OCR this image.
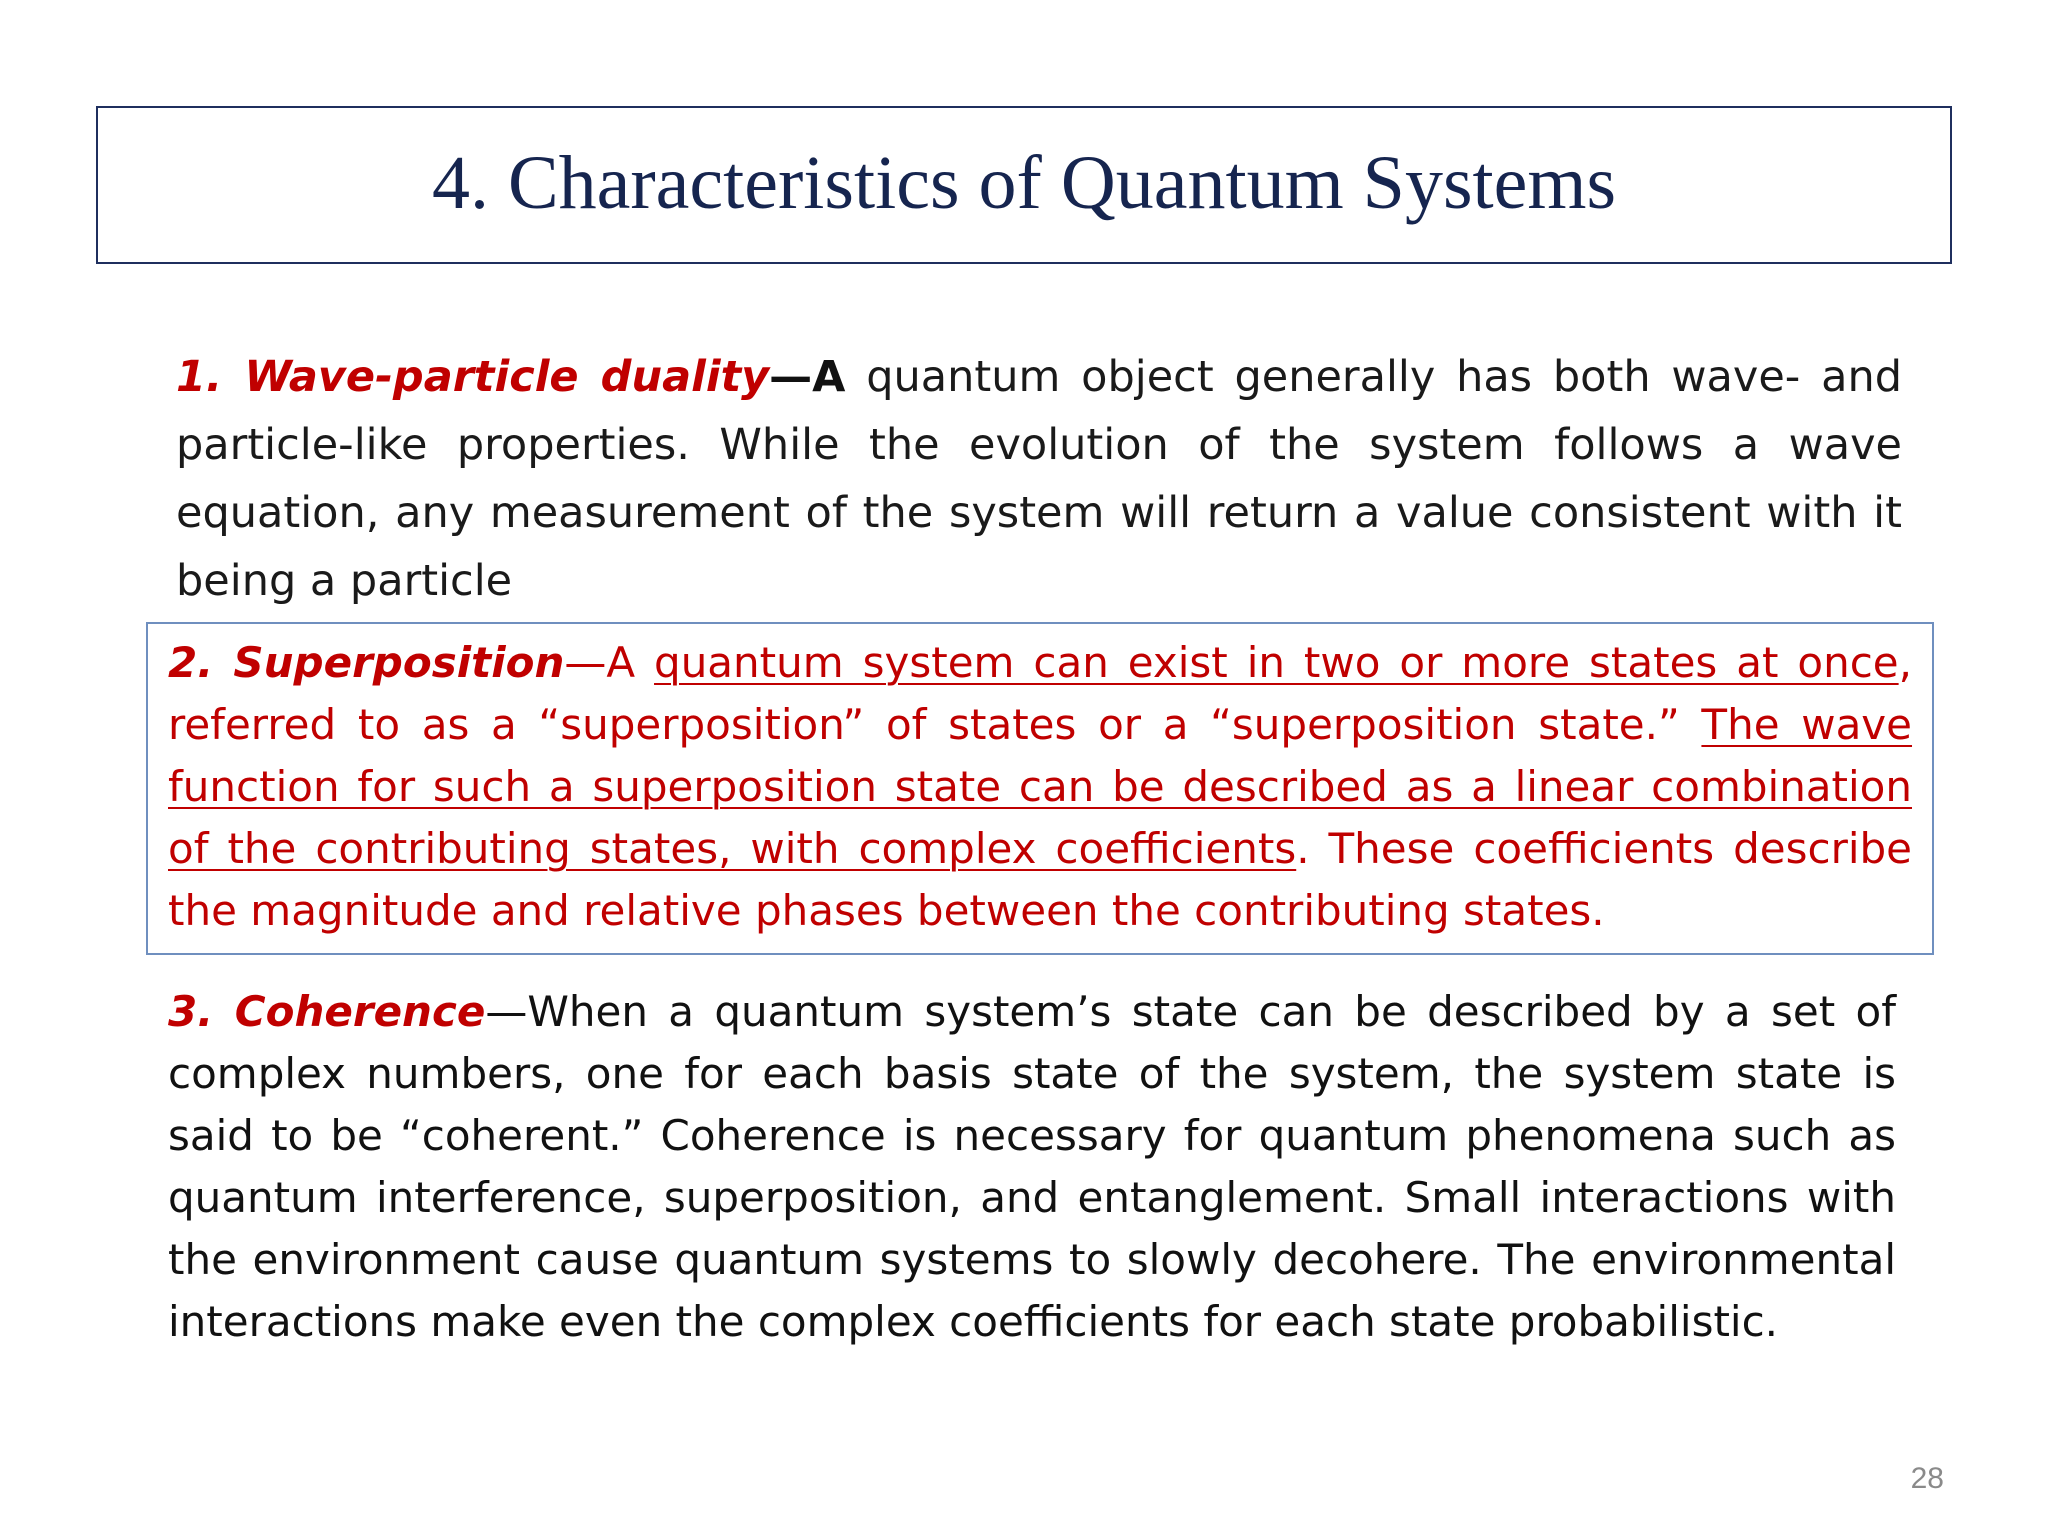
4. Characteristics of Quantum Systems
1. Wave-particle duality—A quantum object generally has both wave- and particle-like properties. While the evolution of the system follows a wave equation, any measurement of the system will return a value consistent with it being a particle
2. Superposition—A quantum system can exist in two or more states at once, referred to as a “superposition” of states or a “superposition state.” The wave function for such a superposition state can be described as a linear combination of the contributing states, with complex coefficients. These coefficients describe the magnitude and relative phases between the contributing states.
3. Coherence—When a quantum system’s state can be described by a set of complex numbers, one for each basis state of the system, the system state is said to be “coherent.” Coherence is necessary for quantum phenomena such as quantum interference, superposition, and entanglement. Small interactions with the environment cause quantum systems to slowly decohere. The environmental interactions make even the complex coefficients for each state probabilistic.
28
